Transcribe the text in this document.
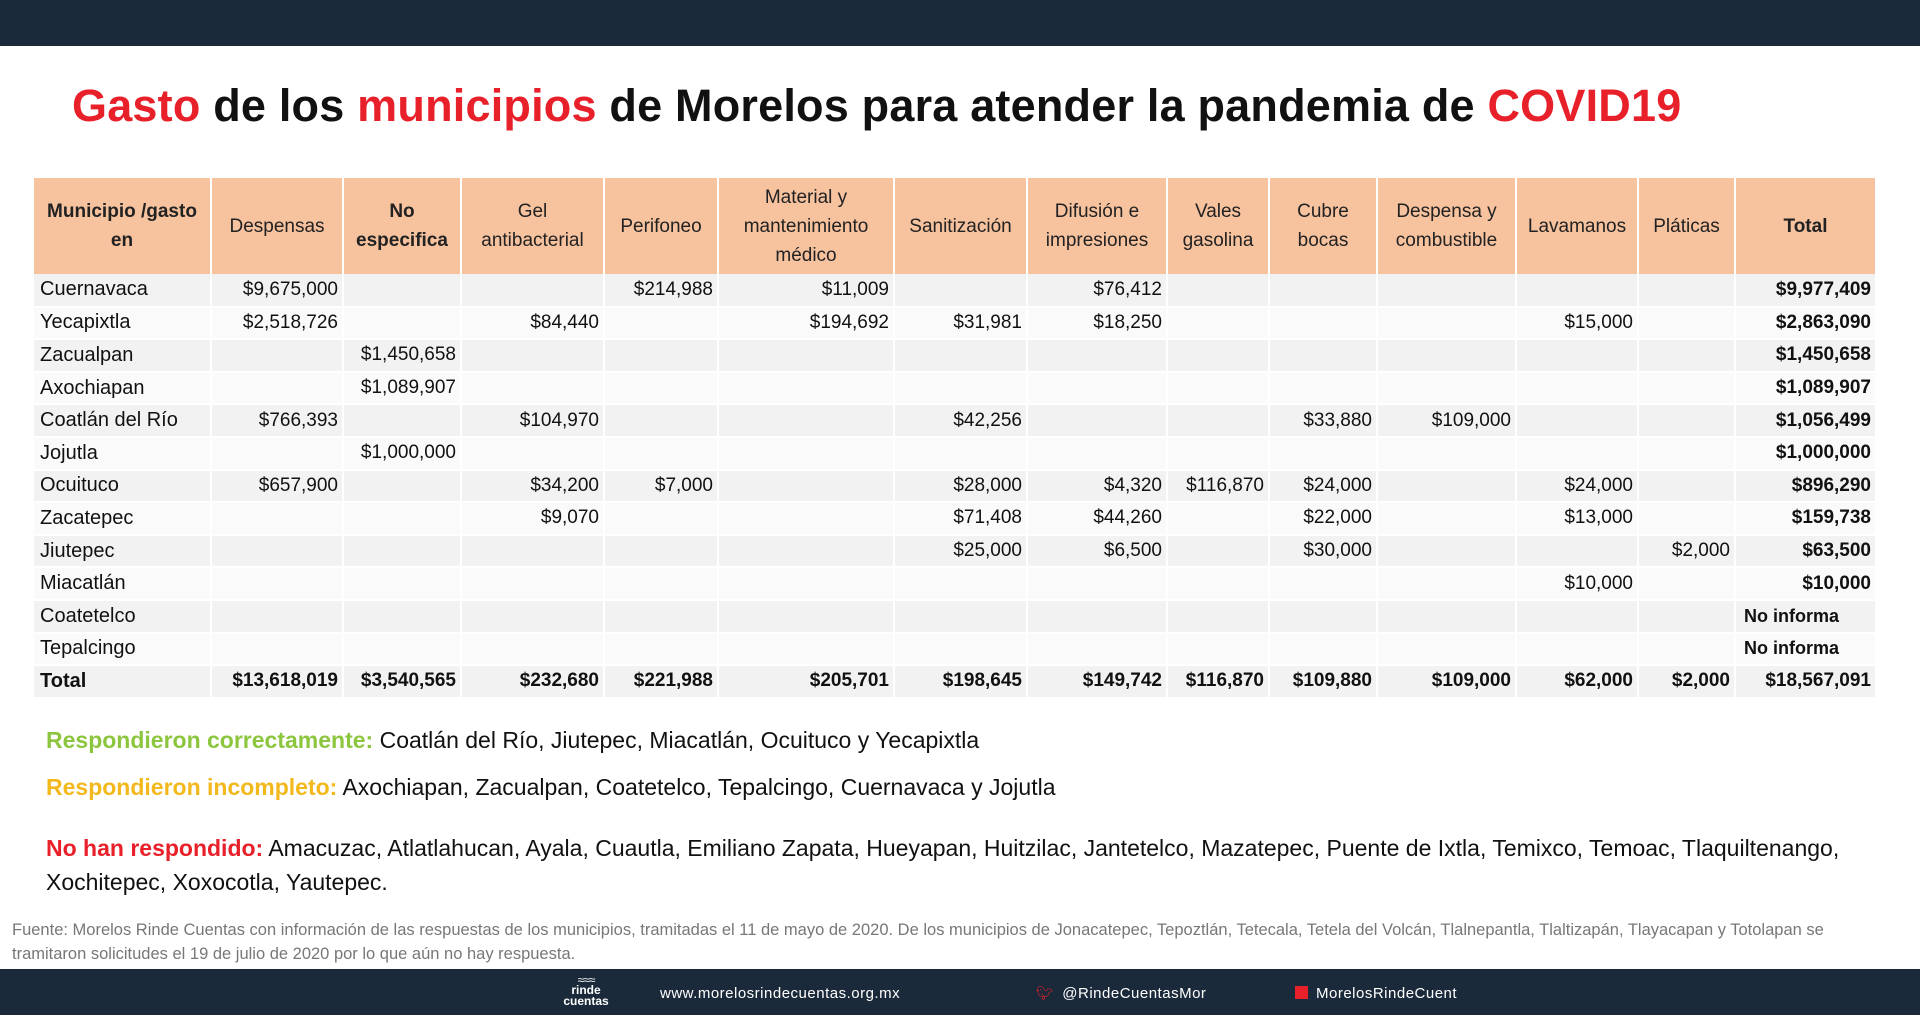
Gasto de los municipios de Morelos para atender la pandemia de COVID19
Municipio /gasto en	Despensas	No especifica	Gel antibacterial	Perifoneo	Material y mantenimiento médico	Sanitización	Difusión e impresiones	Vales gasolina	Cubre bocas	Despensa y combustible	Lavamanos	Pláticas	Total
Cuernavaca	$9,675,000			$214,988	$11,009		$76,412						$9,977,409
Yecapixtla	$2,518,726		$84,440		$194,692	$31,981	$18,250				$15,000		$2,863,090
Zacualpan		$1,450,658											$1,450,658
Axochiapan		$1,089,907											$1,089,907
Coatlán del Río	$766,393		$104,970			$42,256			$33,880	$109,000			$1,056,499
Jojutla		$1,000,000											$1,000,000
Ocuituco	$657,900		$34,200	$7,000		$28,000	$4,320	$116,870	$24,000		$24,000		$896,290
Zacatepec			$9,070			$71,408	$44,260		$22,000		$13,000		$159,738
Jiutepec						$25,000	$6,500		$30,000			$2,000	$63,500
Miacatlán											$10,000		$10,000
Coatetelco													No informa
Tepalcingo													No informa
Total	$13,618,019	$3,540,565	$232,680	$221,988	$205,701	$198,645	$149,742	$116,870	$109,880	$109,000	$62,000	$2,000	$18,567,091
Respondieron correctamente: Coatlán del Río, Jiutepec, Miacatlán, Ocuituco y Yecapixtla
Respondieron incompleto: Axochiapan, Zacualpan, Coatetelco, Tepalcingo, Cuernavaca y Jojutla
No han respondido: Amacuzac, Atlatlahucan, Ayala, Cuautla, Emiliano Zapata, Hueyapan, Huitzilac, Jantetelco, Mazatepec, Puente de Ixtla, Temixco, Temoac, Tlaquiltenango, Xochitepec, Xoxocotla, Yautepec.
Fuente: Morelos Rinde Cuentas con información de las respuestas de los municipios, tramitadas el 11 de mayo de 2020. De los municipios de Jonacatepec, Tepoztlán, Tetecala, Tetela del Volcán, Tlalnepantla, Tlaltizapán, Tlayacapan y Totolapan se tramitaron solicitudes el 19 de julio de 2020 por lo que aún no hay respuesta.
≈≈≈
rinde
cuentas	www.morelosrindecuentas.org.mx	🐦︎ @RindeCuentasMor	MorelosRindeCuent
